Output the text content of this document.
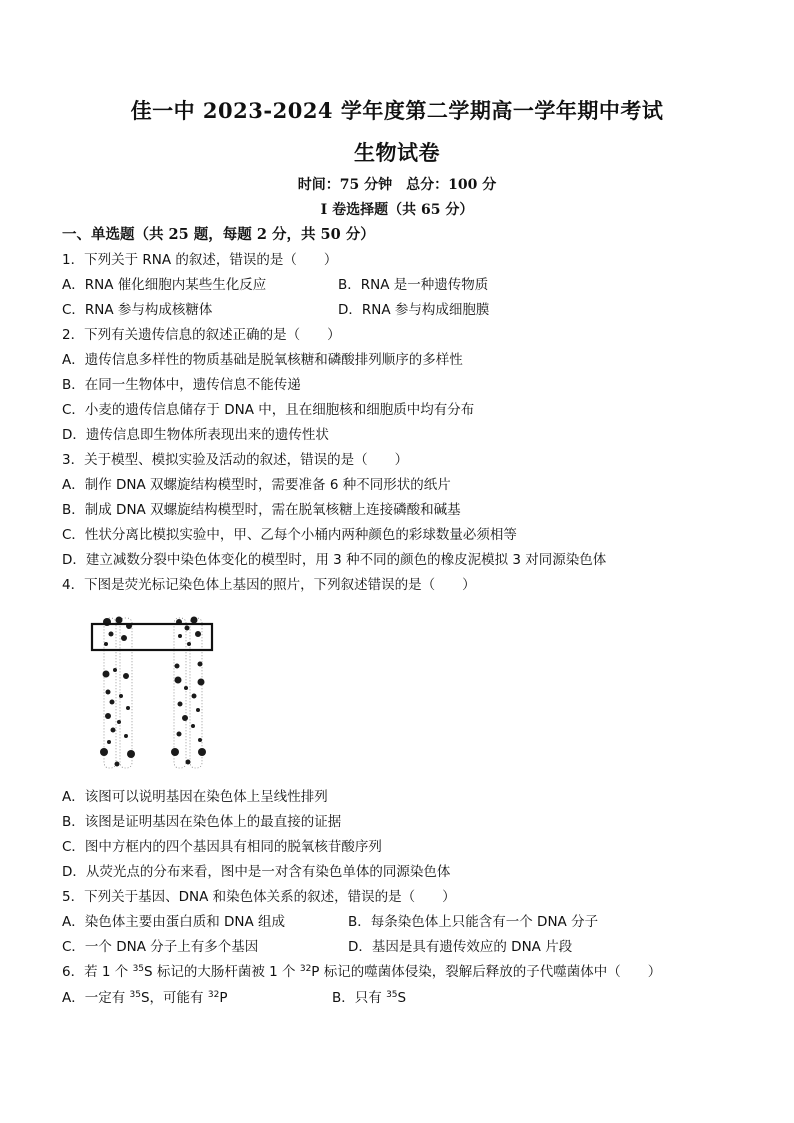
佳一中 2023-2024 学年度第二学期高一学年期中考试
生物试卷
时间：75 分钟　总分：100 分
I 卷选择题（共 65 分）
一、单选题（共 25 题，每题 2 分，共 50 分）
1．下列关于 RNA 的叙述，错误的是（　　）
A．RNA 催化细胞内某些生化反应	B．RNA 是一种遗传物质
C．RNA 参与构成核糖体	D．RNA 参与构成细胞膜
2．下列有关遗传信息的叙述正确的是（　　）
A．遗传信息多样性的物质基础是脱氧核糖和磷酸排列顺序的多样性
B．在同一生物体中，遗传信息不能传递
C．小麦的遗传信息储存于 DNA 中，且在细胞核和细胞质中均有分布
D．遗传信息即生物体所表现出来的遗传性状
3．关于模型、模拟实验及活动的叙述，错误的是（　　）
A．制作 DNA 双螺旋结构模型时，需要准备 6 种不同形状的纸片
B．制成 DNA 双螺旋结构模型时，需在脱氧核糖上连接磷酸和碱基
C．性状分离比模拟实验中，甲、乙每个小桶内两种颜色的彩球数量必须相等
D．建立减数分裂中染色体变化的模型时，用 3 种不同的颜色的橡皮泥模拟 3 对同源染色体
4．下图是荧光标记染色体上基因的照片，下列叙述错误的是（　　）
A．该图可以说明基因在染色体上呈线性排列
B．该图是证明基因在染色体上的最直接的证据
C．图中方框内的四个基因具有相同的脱氧核苷酸序列
D．从荧光点的分布来看，图中是一对含有染色单体的同源染色体
5．下列关于基因、DNA 和染色体关系的叙述，错误的是（　　）
A．染色体主要由蛋白质和 DNA 组成	B．每条染色体上只能含有一个 DNA 分子
C．一个 DNA 分子上有多个基因	D．基因是具有遗传效应的 DNA 片段
6．若 1 个 $^{35}$S 标记的大肠杆菌被 1 个 $^{32}$P 标记的噬菌体侵染，裂解后释放的子代噬菌体中（　　）
A．一定有 $^{35}$S，可能有 $^{32}$P	B．只有 $^{35}$S
